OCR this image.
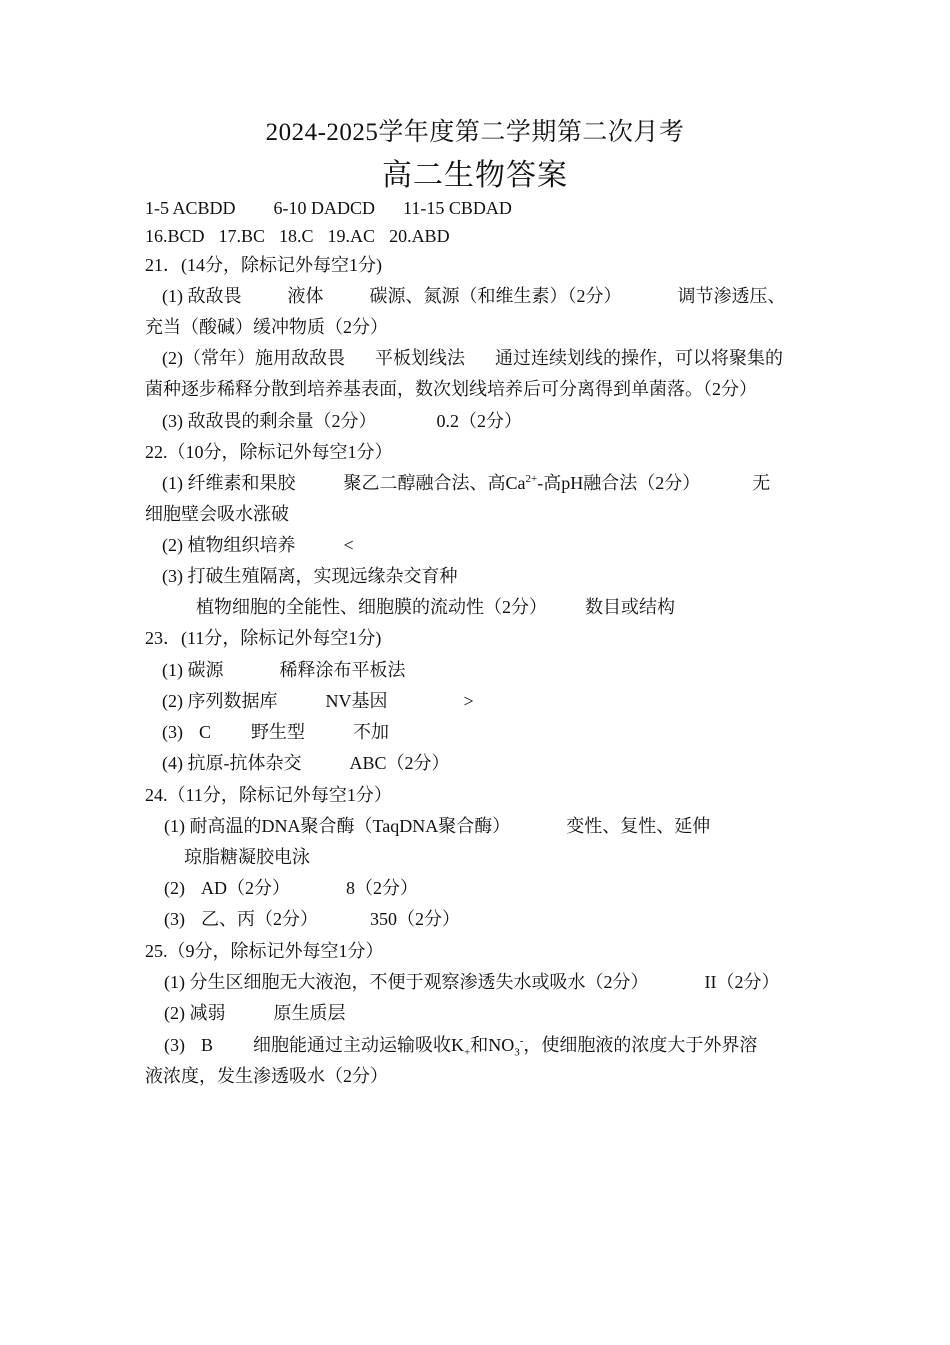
2024-2025学年度第二学期第二次月考
高二生物答案
1-5 ACBDD 6-10 DADCD 11-15 CBDAD
16.BCD 17.BC 18.C 19.AC 20.ABD
21．(14分，除标记外每空1分)
(1) 敌敌畏	液体	碳源、氮源（和维生素）（2分）	调节渗透压、
充当（酸碱）缓冲物质（2分）
(2)（常年）施用敌敌畏 平板划线法 通过连续划线的操作，可以将聚集的
菌种逐步稀释分散到培养基表面，数次划线培养后可分离得到单菌落。（2分）
(3) 敌敌畏的剩余量（2分）	0.2（2分）
22.（10分，除标记外每空1分）
(1) 纤维素和果胶	聚乙二醇融合法、高$Ca^{2+}-$高pH融合法（2分）	无
细胞壁会吸水涨破
(2) 植物组织培养	<
(3) 打破生殖隔离，实现远缘杂交育种
植物细胞的全能性、细胞膜的流动性（2分） 数目或结构
23．(11分，除标记外每空1分)
(1) 碳源	稀释涂布平板法
(2) 序列数据库	NV基因	>
(3) C 野生型	不加
(4) 抗原-抗体杂交	ABC（2分）
24.（11分，除标记外每空1分）
(1) 耐高温的DNA聚合酶（TaqDNA聚合酶）	变性、复性、延伸
琼脂糖凝胶电泳
(2) AD（2分）	8（2分）
(3) 乙、丙（2分）	350（2分）
25.（9分，除标记外每空1分）
(1) 分生区细胞无大液泡，不便于观察渗透失水或吸水（2分）	II（2分）
(2) 减弱	原生质层
(3) B 细胞能通过主动运输吸收$K_+$和$NO_3^-$，使细胞液的浓度大于外界溶
液浓度，发生渗透吸水（2分）
